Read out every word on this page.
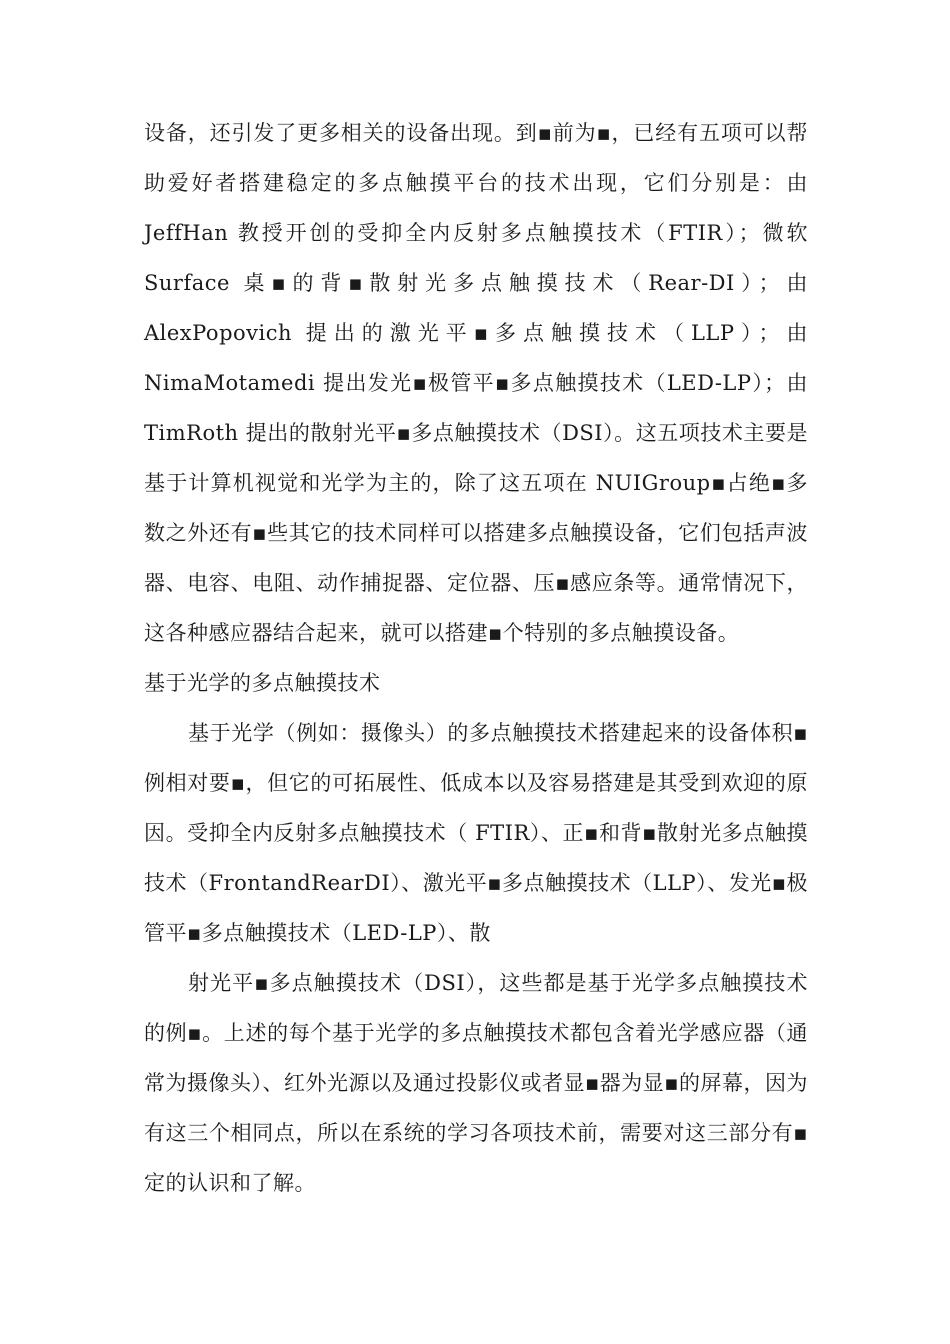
设备，还引发了更多相关的设备出现。到▪前为▪，已经有五项可以帮助爱好者搭建稳定的多点触摸平台的技术出现，它们分别是：由JeffHan 教授开创的受抑全内反射多点触摸技术（FTIR）；微软 Surface 桌▪的背▪散射光多点触摸技术（Rear-DI）；由 AlexPopovich 提出的激光平▪多点触摸技术（LLP）；由 NimaMotamedi 提出发光▪极管平▪多点触摸技术（LED-LP）；由 TimRoth 提出的散射光平▪多点触摸技术（DSI）。这五项技术主要是基于计算机视觉和光学为主的，除了这五项在 NUIGroup▪占绝▪多数之外还有▪些其它的技术同样可以搭建多点触摸设备，它们包括声波器、电容、电阻、动作捕捉器、定位器、压▪感应条等。通常情况下，这各种感应器结合起来，就可以搭建▪个特别的多点触摸设备。

基于光学的多点触摸技术

基于光学（例如：摄像头）的多点触摸技术搭建起来的设备体积▪例相对要▪，但它的可拓展性、低成本以及容易搭建是其受到欢迎的原因。受抑全内反射多点触摸技术（ FTIR）、正▪和背▪散射光多点触摸技术（FrontandRearDI）、激光平▪多点触摸技术（LLP）、发光▪极管平▪多点触摸技术（LED-LP）、散

射光平▪多点触摸技术（DSI），这些都是基于光学多点触摸技术的例▪。上述的每个基于光学的多点触摸技术都包含着光学感应器（通常为摄像头）、红外光源以及通过投影仪或者显▪器为显▪的屏幕，因为有这三个相同点，所以在系统的学习各项技术前，需要对这三部分有▪定的认识和了解。
